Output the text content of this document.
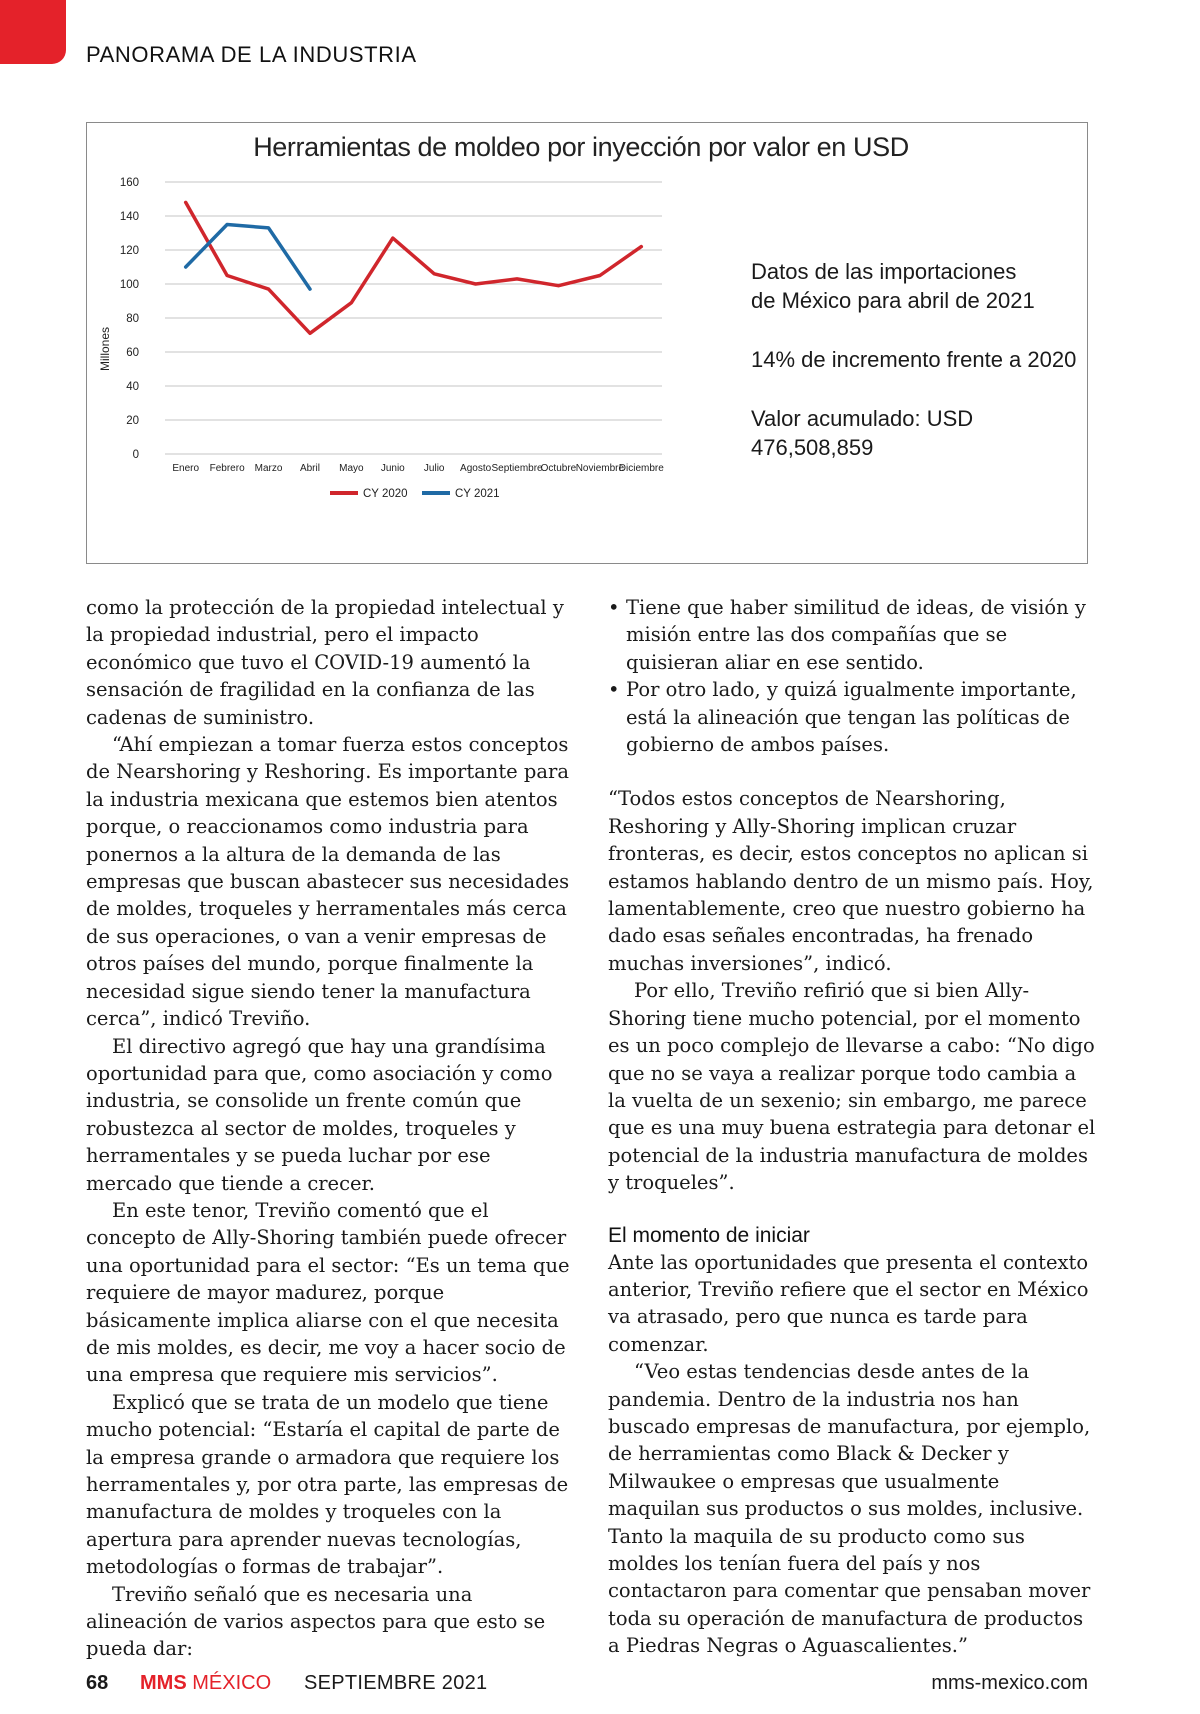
PANORAMA DE LA INDUSTRIA
Herramientas de moldeo por inyección por valor en USD
Millones
0
20
40
60
80
100
120
140
160
Enero Febrero Marzo Abril Mayo Junio Julio Agosto Septiembre
Octubre Noviembre
Diciembre
CY 2020	CY 2021
Datos de las importaciones
de México para abril de 2021
14% de incremento frente a 2020
Valor acumulado: USD 476,508,859

como la protección de la propiedad intelectual y la propiedad industrial, pero el impacto económico que tuvo el COVID-19 aumentó la sensación de fragilidad en la confianza de las cadenas de suministro.

“Ahí empiezan a tomar fuerza estos conceptos de Nearshoring y Reshoring. Es importante para la industria mexicana que estemos bien atentos porque, o reaccionamos como industria para ponernos a la altura de la demanda de las empresas que buscan abastecer sus necesidades de moldes, troqueles y herramentales más cerca de sus operaciones, o van a venir empresas de otros países del mundo, porque finalmente la necesidad sigue siendo tener la manufactura cerca”, indicó Treviño.

El directivo agregó que hay una grandísima oportunidad para que, como asociación y como industria, se consolide un frente común que robustezca al sector de moldes, troqueles y herramentales y se pueda luchar por ese mercado que tiende a crecer.

En este tenor, Treviño comentó que el concepto de Ally-Shoring también puede ofrecer una oportunidad para el sector: “Es un tema que requiere de mayor madurez, porque básicamente implica aliarse con el que necesita de mis moldes, es decir, me voy a hacer socio de una empresa que requiere mis servicios”.

Explicó que se trata de un modelo que tiene mucho potencial: “Estaría el capital de parte de la empresa grande o armadora que requiere los herramentales y, por otra parte, las empresas de manufactura de moldes y troqueles con la apertura para aprender nuevas tecnologías, metodologías o formas de trabajar”.

Treviño señaló que es necesaria una alineación de varios aspectos para que esto se pueda dar:

• Tiene que haber similitud de ideas, de visión y misión entre las dos compañías que se quisieran aliar en ese sentido.
• Por otro lado, y quizá igualmente importante, está la alineación que tengan las políticas de gobierno de ambos países.

“Todos estos conceptos de Nearshoring, Reshoring y Ally-Shoring implican cruzar fronteras, es decir, estos conceptos no aplican si estamos hablando dentro de un mismo país. Hoy, lamentablemente, creo que nuestro gobierno ha dado esas señales encontradas, ha frenado muchas inversiones”, indicó.

Por ello, Treviño refirió que si bien Ally-Shoring tiene mucho potencial, por el momento es un poco complejo de llevarse a cabo: “No digo que no se vaya a realizar porque todo cambia a la vuelta de un sexenio; sin embargo, me parece que es una muy buena estrategia para detonar el potencial de la industria manufactura de moldes y troqueles”.

El momento de iniciar

Ante las oportunidades que presenta el contexto anterior, Treviño refiere que el sector en México va atrasado, pero que nunca es tarde para comenzar.

“Veo estas tendencias desde antes de la pandemia. Dentro de la industria nos han buscado empresas de manufactura, por ejemplo, de herramientas como Black & Decker y Milwaukee o empresas que usualmente maquilan sus productos o sus moldes, inclusive. Tanto la maquila de su producto como sus moldes los tenían fuera del país y nos contactaron para comentar que pensaban mover toda su operación de manufactura de productos a Piedras Negras o Aguascalientes.”

68 MMS MÉXICO SEPTIEMBRE 2021	mms-mexico.com
